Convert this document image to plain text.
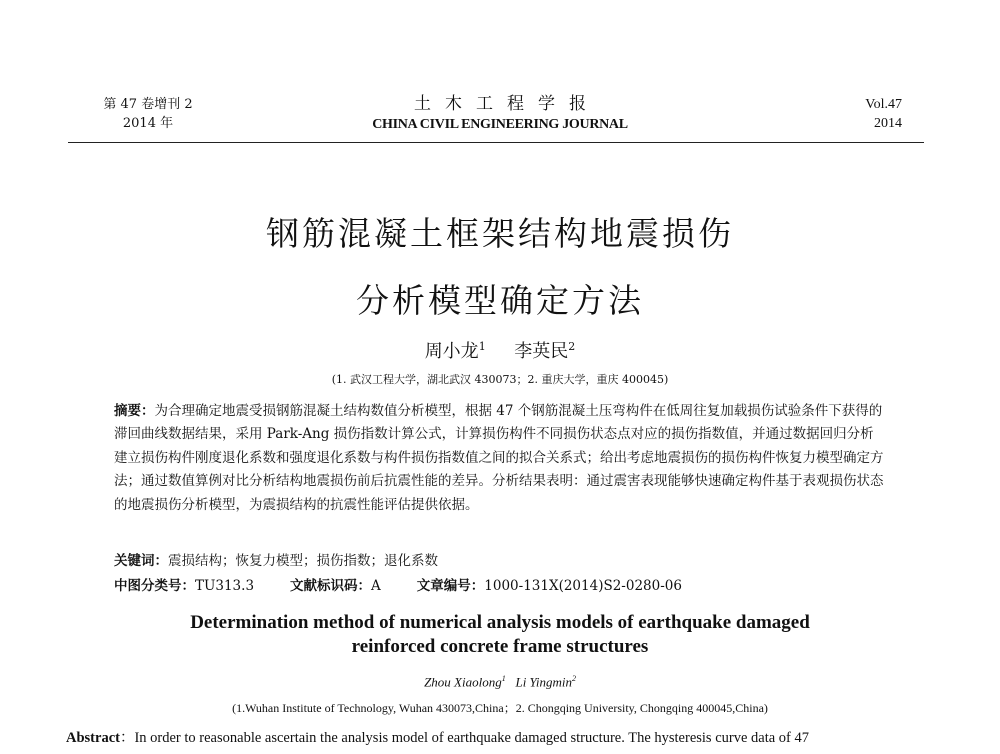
第 47 卷增刊 2
2014 年
土木工程学报
CHINA CIVIL ENGINEERING JOURNAL
Vol.47
2014
钢筋混凝土框架结构地震损伤
分析模型确定方法
周小龙$^1$ 李英民$^2$
(1. 武汉工程大学，湖北武汉 430073；2. 重庆大学，重庆 400045)
摘要：为合理确定地震受损钢筋混凝土结构数值分析模型，根据 47 个钢筋混凝土压弯构件在低周往复加载损伤试验条件下获得的滞回曲线数据结果，采用 Park-Ang 损伤指数计算公式，计算损伤构件不同损伤状态点对应的损伤指数值，并通过数据回归分析建立损伤构件刚度退化系数和强度退化系数与构件损伤指数值之间的拟合关系式；给出考虑地震损伤的损伤构件恢复力模型确定方法；通过数值算例对比分析结构地震损伤前后抗震性能的差异。分析结果表明：通过震害表现能够快速确定构件基于表观损伤状态的地震损伤分析模型，为震损结构的抗震性能评估提供依据。
关键词：震损结构；恢复力模型；损伤指数；退化系数
中图分类号：TU313.3	文献标识码：A	文章编号：1000-131X(2014)S2-0280-06
Determination method of numerical analysis models of earthquake damaged
reinforced concrete frame structures
Zhou Xiaolong$^1$ Li Yingmin$^2$
(1.Wuhan Institute of Technology, Wuhan 430073,China；2. Chongqing University, Chongqing 400045,China)
Abstract：In order to reasonable ascertain the analysis model of earthquake damaged structure. The hysteresis curve data of 47
